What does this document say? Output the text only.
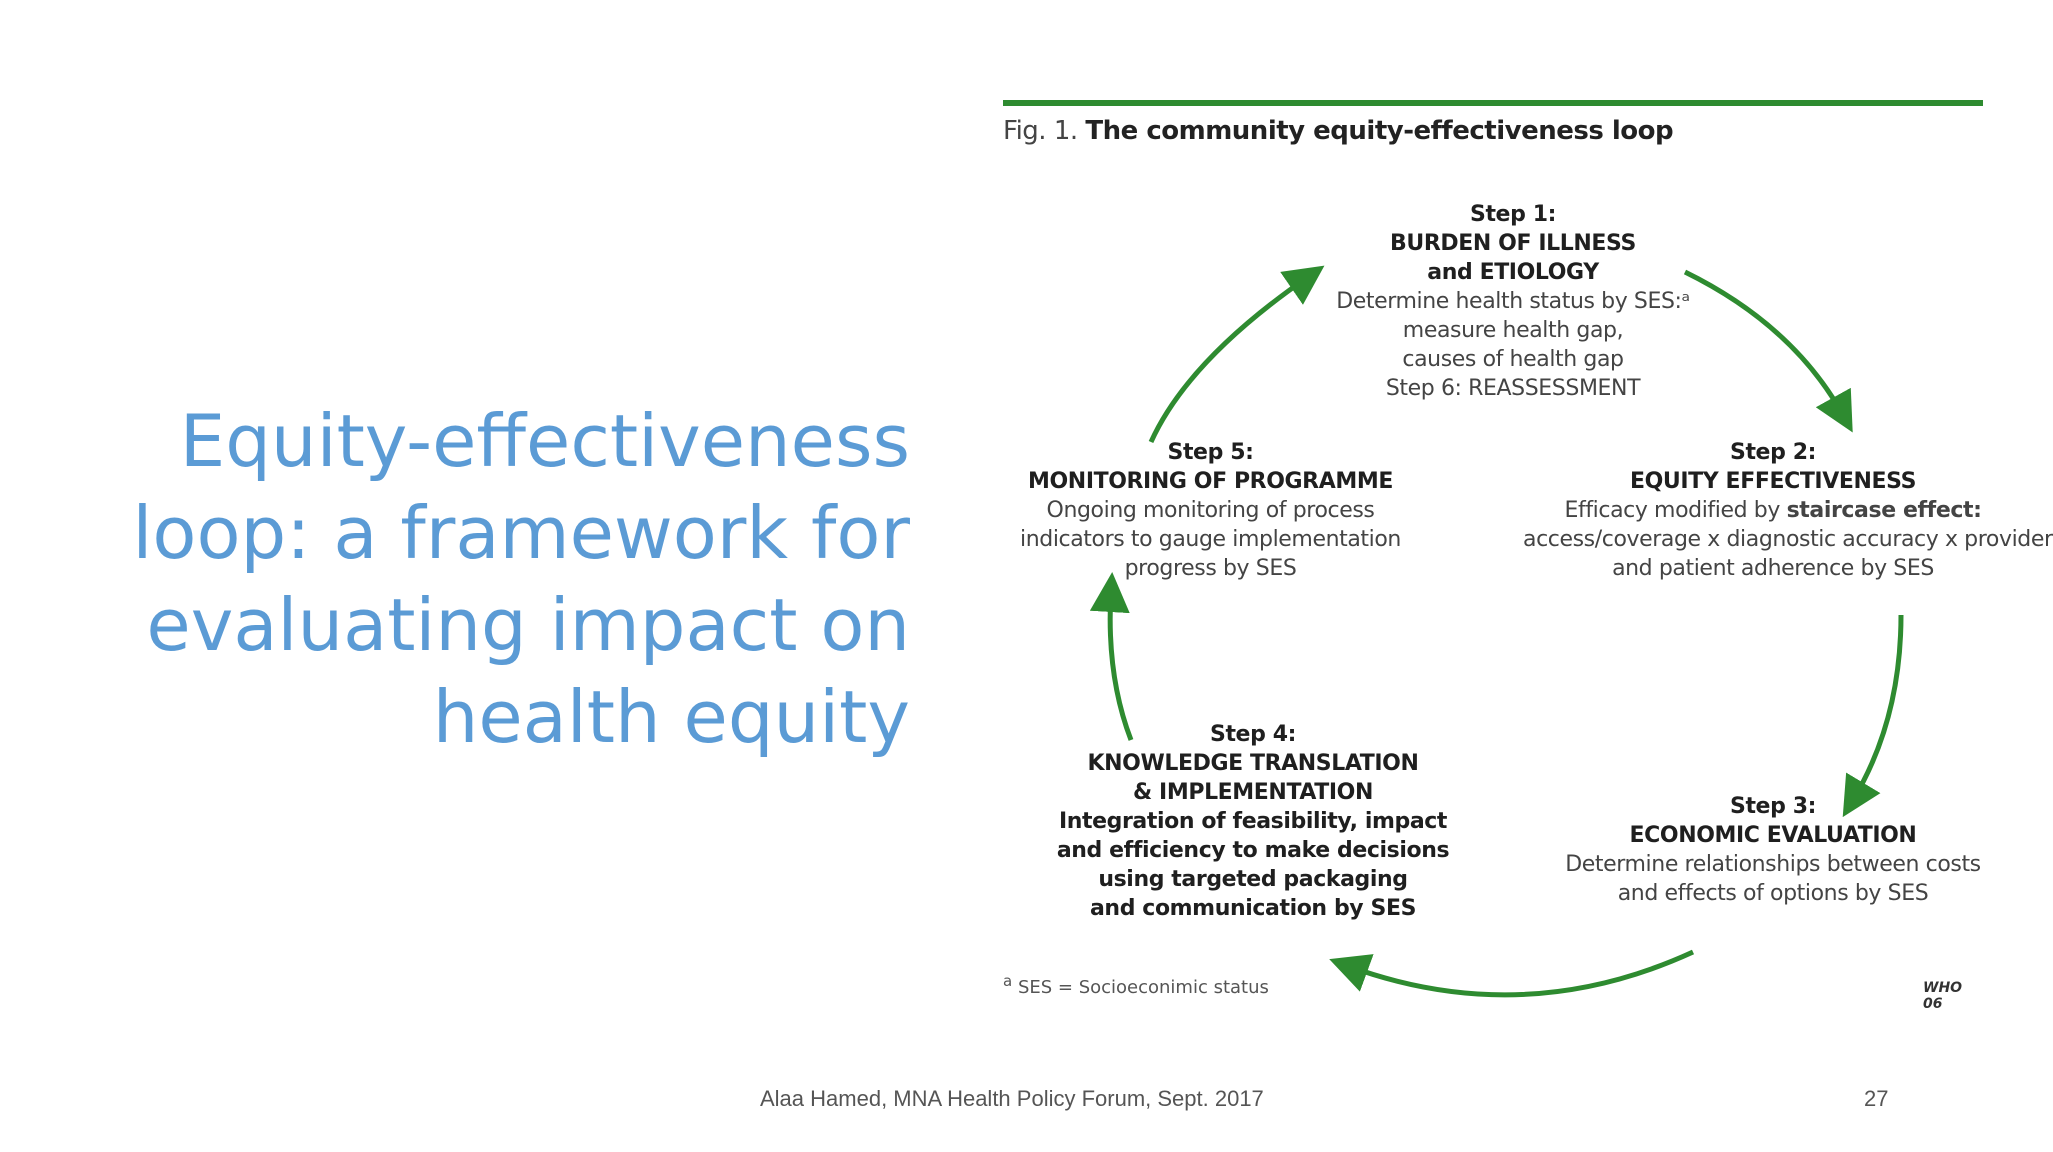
Equity-effectiveness
loop: a framework for
evaluating impact on
health equity
Fig. 1. The community equity-effectiveness loop
Step 1:
BURDEN OF ILLNESS
and ETIOLOGY
Determine health status by SES:ᵃ
measure health gap,
causes of health gap
Step 6: REASSESSMENT
Step 2:
EQUITY EFFECTIVENESS
Efficacy modified by staircase effect:
access/coverage x diagnostic accuracy x provider
and patient adherence by SES
Step 3:
ECONOMIC EVALUATION
Determine relationships between costs
and effects of options by SES
Step 4:
KNOWLEDGE TRANSLATION
& IMPLEMENTATION
Integration of feasibility, impact
and efficiency to make decisions
using targeted packaging
and communication by SES
Step 5:
MONITORING OF PROGRAMME
Ongoing monitoring of process
indicators to gauge implementation
progress by SES
$^a$ SES = Socioeconimic status	WHO 06
Alaa Hamed, MNA Health Policy Forum, Sept. 2017	27
